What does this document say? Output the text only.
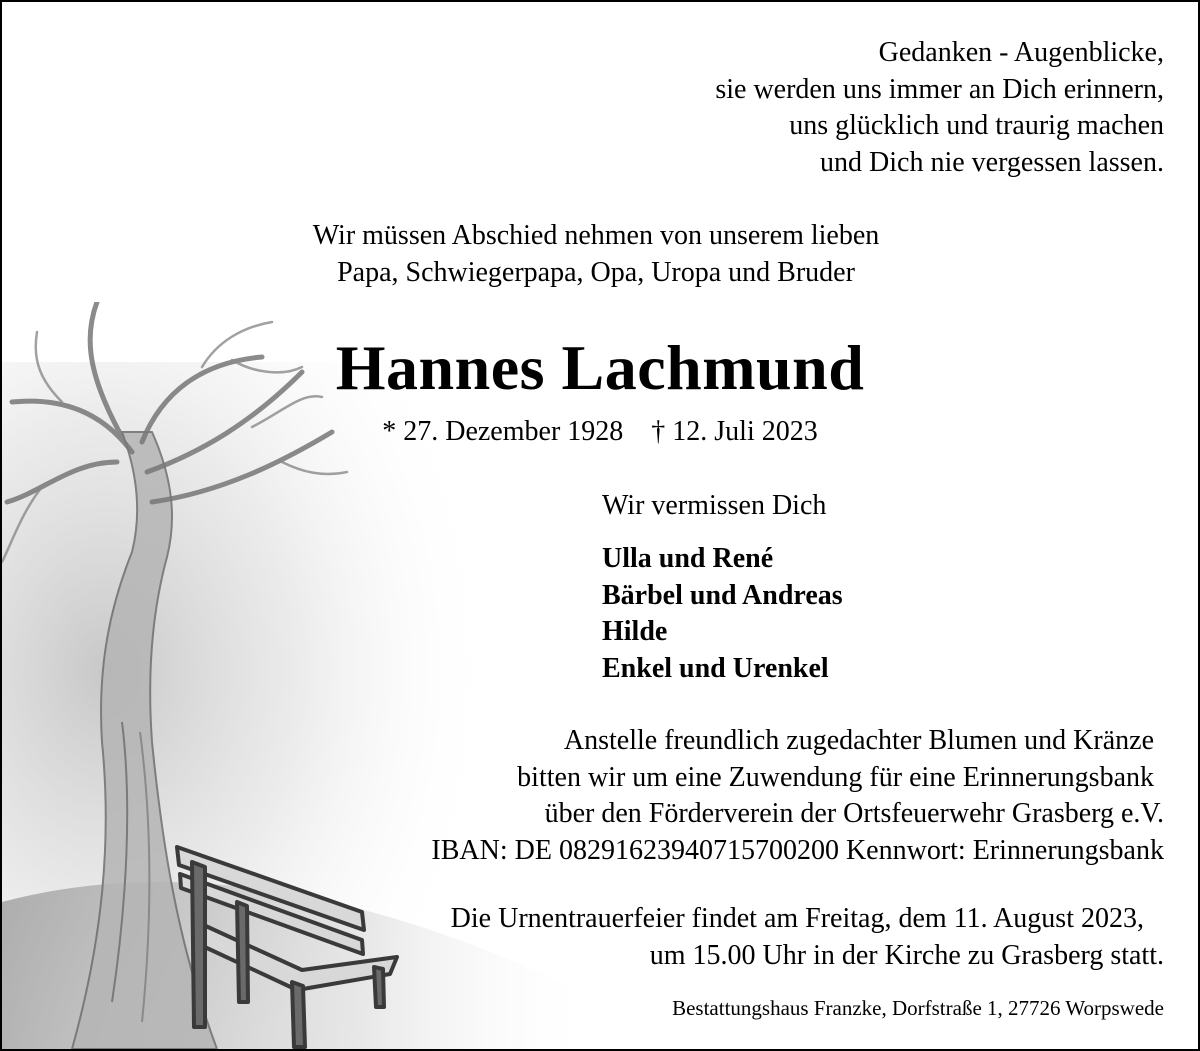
Gedanken - Augenblicke,
sie werden uns immer an Dich erinnern,
uns glücklich und traurig machen
und Dich nie vergessen lassen.
Wir müssen Abschied nehmen von unserem lieben
Papa, Schwiegerpapa, Opa, Uropa und Bruder
Hannes Lachmund
* 27. Dezember 1928 † 12. Juli 2023
Wir vermissen Dich
Ulla und René
Bärbel und Andreas
Hilde
Enkel und Urenkel
Anstelle freundlich zugedachter Blumen und Kränze
bitten wir um eine Zuwendung für eine Erinnerungsbank
über den Förderverein der Ortsfeuerwehr Grasberg e.V.
IBAN: DE 08291623940715700200 Kennwort: Erinnerungsbank
Die Urnentrauerfeier findet am Freitag, dem 11. August 2023,
um 15.00 Uhr in der Kirche zu Grasberg statt.
Bestattungshaus Franzke, Dorfstraße 1, 27726 Worpswede
